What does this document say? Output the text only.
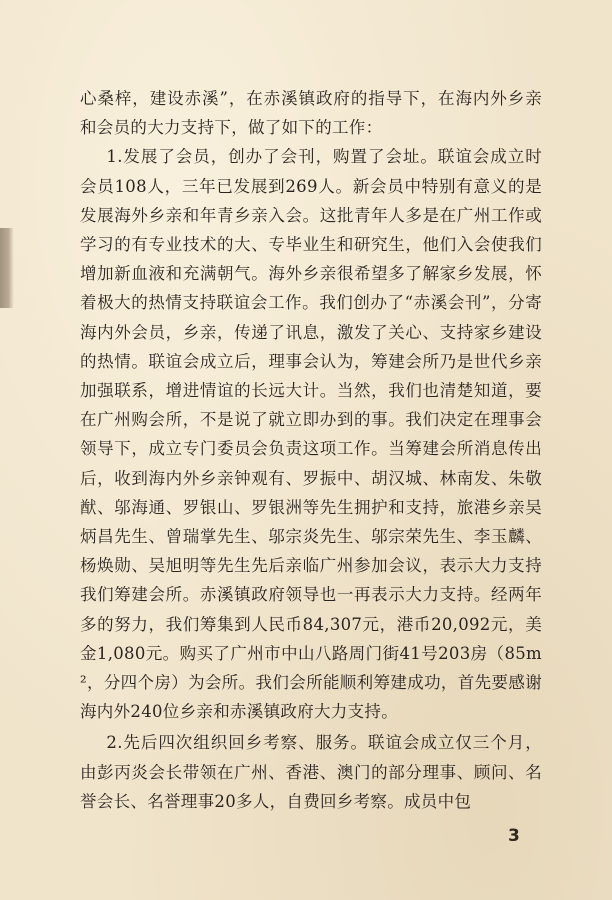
心桑梓，建设赤溪”，在赤溪镇政府的指导下，在海内外乡亲和会员的大力支持下，做了如下的工作：

1.发展了会员，创办了会刊，购置了会址。联谊会成立时会员108人，三年已发展到269人。新会员中特别有意义的是发展海外乡亲和年青乡亲入会。这批青年人多是在广州工作或学习的有专业技术的大、专毕业生和研究生，他们入会使我们增加新血液和充满朝气。海外乡亲很希望多了解家乡发展，怀着极大的热情支持联谊会工作。我们创办了“赤溪会刊”，分寄海内外会员，乡亲，传递了讯息，激发了关心、支持家乡建设的热情。联谊会成立后，理事会认为，筹建会所乃是世代乡亲加强联系，增进情谊的长远大计。当然，我们也清楚知道，要在广州购会所，不是说了就立即办到的事。我们决定在理事会领导下，成立专门委员会负责这项工作。当筹建会所消息传出后，收到海内外乡亲钟观有、罗振中、胡汉城、林南发、朱敬猷、邬海通、罗银山、罗银洲等先生拥护和支持，旅港乡亲吴炳昌先生、曾瑞掌先生、邬宗炎先生、邬宗荣先生、李玉麟、杨焕勋、吴旭明等先生先后亲临广州参加会议，表示大力支持我们筹建会所。赤溪镇政府领导也一再表示大力支持。经两年多的努力，我们筹集到人民币84,307元，港币20,092元，美金1,080元。购买了广州市中山八路周门街41号203房（85m²，分四个房）为会所。我们会所能顺利筹建成功，首先要感谢海内外240位乡亲和赤溪镇政府大力支持。

2.先后四次组织回乡考察、服务。联谊会成立仅三个月，由彭丙炎会长带领在广州、香港、澳门的部分理事、顾问、名誉会长、名誉理事20多人，自费回乡考察。成员中包

3
